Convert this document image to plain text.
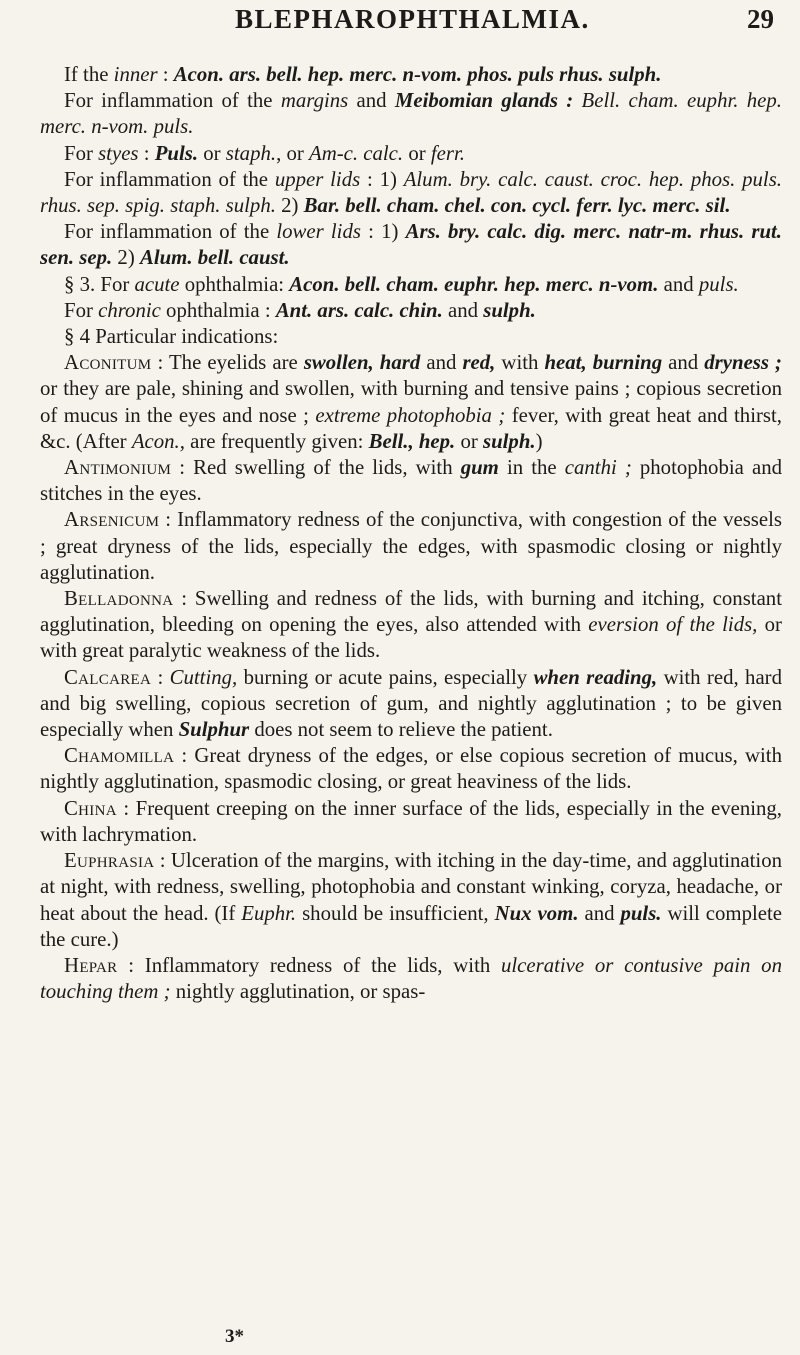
BLEPHAROPHTHALMIA.	29

If the inner : Acon. ars. bell. hep. merc. n-vom. phos. puls rhus. sulph.

For inflammation of the margins and Meibomian glands : Bell. cham. euphr. hep. merc. n-vom. puls.

For styes : Puls. or staph., or Am-c. calc. or ferr.

For inflammation of the upper lids : 1) Alum. bry. calc. caust. croc. hep. phos. puls. rhus. sep. spig. staph. sulph. 2) Bar. bell. cham. chel. con. cycl. ferr. lyc. merc. sil.

For inflammation of the lower lids : 1) Ars. bry. calc. dig. merc. natr-m. rhus. rut. sen. sep. 2) Alum. bell. caust.

§ 3. For acute ophthalmia: Acon. bell. cham. euphr. hep. merc. n-vom. and puls.

For chronic ophthalmia : Ant. ars. calc. chin. and sulph.

§ 4 Particular indications:

Aconitum : The eyelids are swollen, hard and red, with heat, burning and dryness ; or they are pale, shining and swollen, with burning and tensive pains ; copious secretion of mucus in the eyes and nose ; extreme photophobia ; fever, with great heat and thirst, &c. (After Acon., are frequently given: Bell., hep. or sulph.)

Antimonium : Red swelling of the lids, with gum in the canthi ; photophobia and stitches in the eyes.

Arsenicum : Inflammatory redness of the conjunctiva, with congestion of the vessels ; great dryness of the lids, especially the edges, with spasmodic closing or nightly agglutination.

Belladonna : Swelling and redness of the lids, with burning and itching, constant agglutination, bleeding on opening the eyes, also attended with eversion of the lids, or with great paralytic weakness of the lids.

Calcarea : Cutting, burning or acute pains, especially when reading, with red, hard and big swelling, copious secretion of gum, and nightly agglutination ; to be given especially when Sulphur does not seem to relieve the patient.

Chamomilla : Great dryness of the edges, or else copious secretion of mucus, with nightly agglutination, spasmodic closing, or great heaviness of the lids.

China : Frequent creeping on the inner surface of the lids, especially in the evening, with lachrymation.

Euphrasia : Ulceration of the margins, with itching in the day-time, and agglutination at night, with redness, swelling, photophobia and constant winking, coryza, headache, or heat about the head. (If Euphr. should be insufficient, Nux vom. and puls. will complete the cure.)

Hepar : Inflammatory redness of the lids, with ulcerative or contusive pain on touching them ; nightly agglutination, or spas-

3*
